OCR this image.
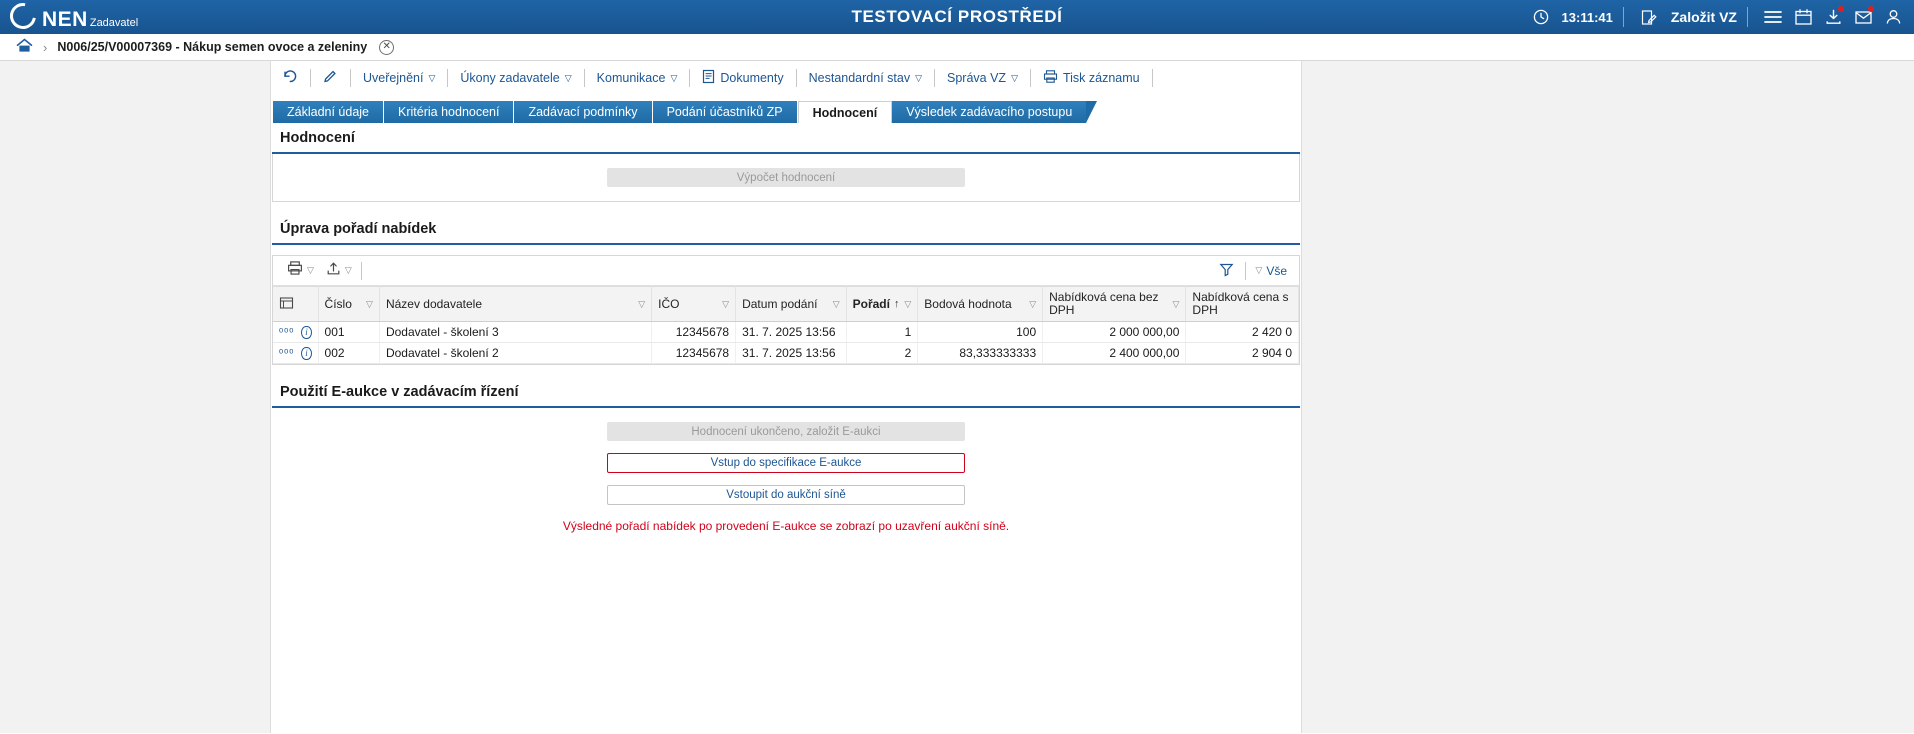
NEN Zadavatel	TESTOVACÍ PROSTŘEDÍ	13:11:41	Založit VZ
› N006/25/V00007369 - Nákup semen ovoce a zeleniny	✕
Uveřejnění ▽ Úkony zadavatele ▽ Komunikace ▽	Dokumenty Nestandardní stav ▽ Správa VZ ▽	Tisk záznamu
Základní údaje Kritéria hodnocení Zadávací podmínky Podání účastníků ZP Hodnocení Výsledek zadávacího postupu
Hodnocení
Výpočet hodnocení
Úprava pořadí nabídek
▽	▽	▽ Vše

Číslo ▽	Název dodavatele ▽	IČO ▽	Datum podání ▽	Pořadí ↑ ▽	Bodová hodnota ▽	Nabídková cena bez DPH ▽	Nabídková cena s DPH

ᵒᵒᵒ i	001	Dodavatel - školení 3	12345678	31. 7. 2025 13:56	1	100	2 000 000,00	2 420 0

ᵒᵒᵒ i	002	Dodavatel - školení 2	12345678	31. 7. 2025 13:56	2	83,333333333	2 400 000,00	2 904 0
Použití E-aukce v zadávacím řízení
Hodnocení ukončeno, založit E-aukci
Vstup do specifikace E-aukce
Vstoupit do aukční síně
Výsledné pořadí nabídek po provedení E-aukce se zobrazí po uzavření aukční síně.
